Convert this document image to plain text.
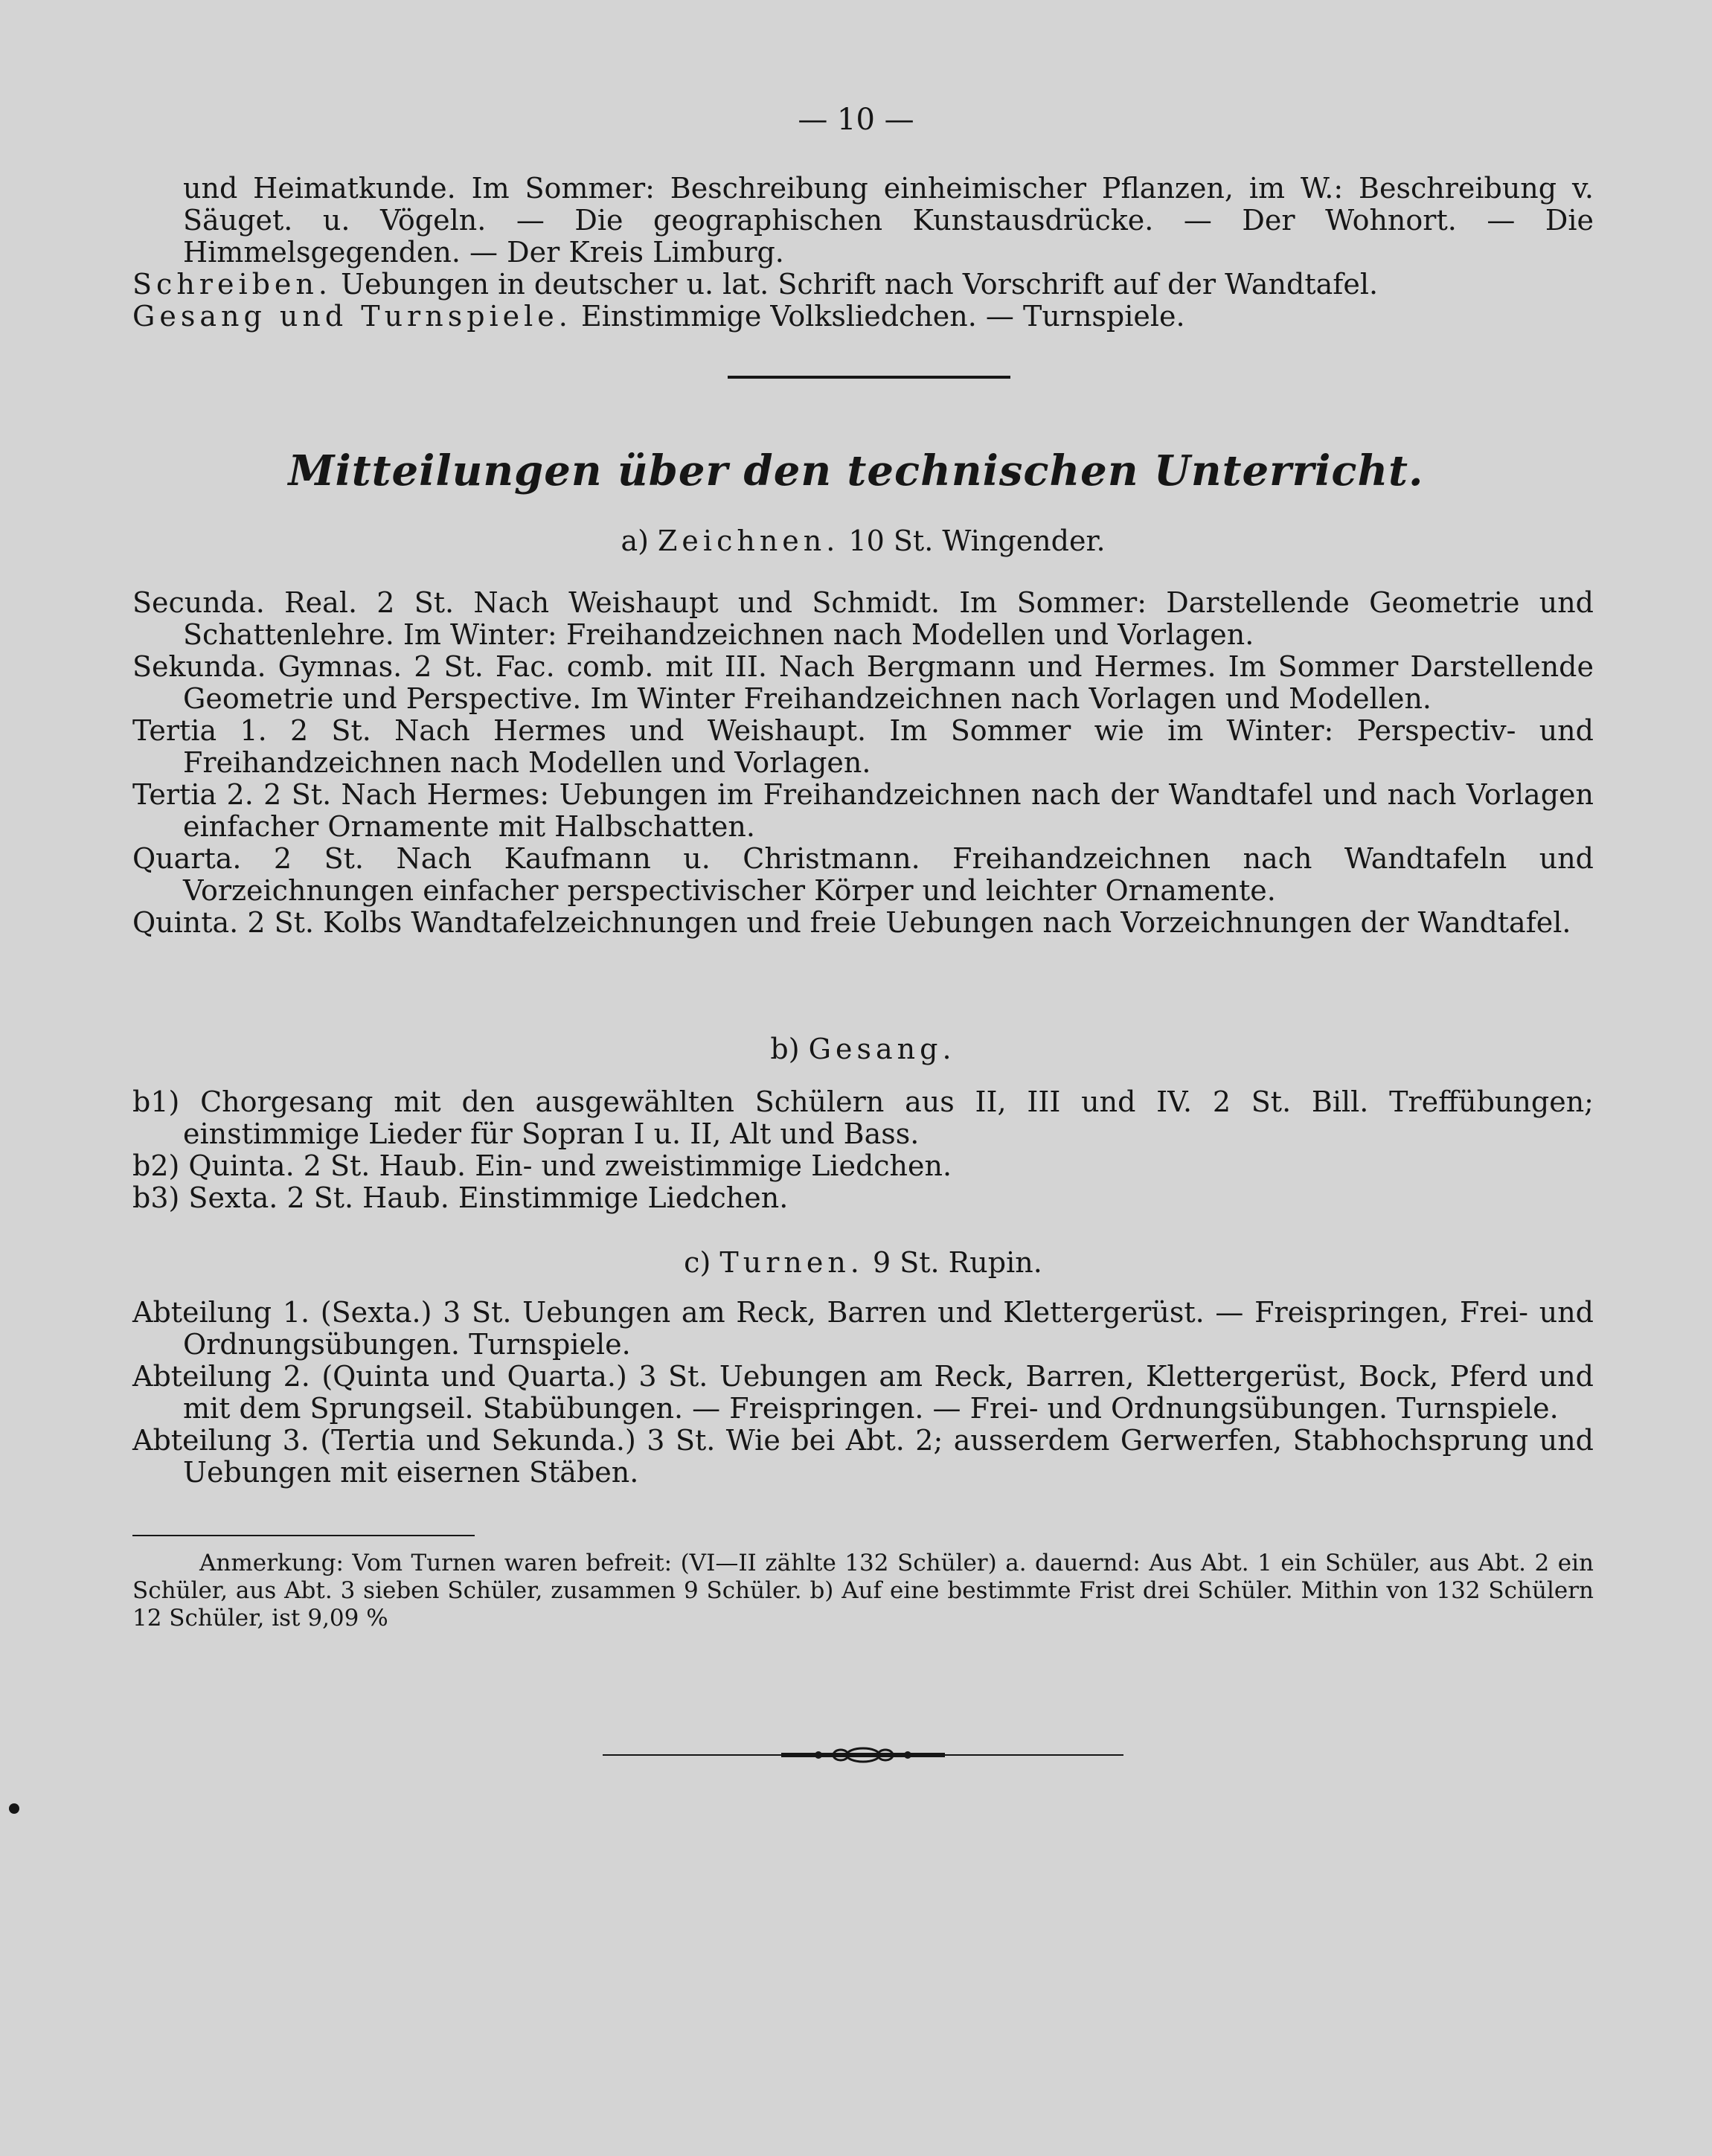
— 10 —

und Heimatkunde. Im Sommer: Beschreibung einheimischer Pflanzen, im W.: Beschreibung v. Säuget. u. Vögeln. — Die geographischen Kunstausdrücke. — Der Wohnort. — Die Himmelsgegenden. — Der Kreis Limburg.

Schreiben. Uebungen in deutscher u. lat. Schrift nach Vorschrift auf der Wandtafel.

Gesang und Turnspiele. Einstimmige Volksliedchen. — Turnspiele.

Mitteilungen über den technischen Unterricht.

a) Zeichnen. 10 St. Wingender.

Secunda. Real. 2 St. Nach Weishaupt und Schmidt. Im Sommer: Darstellende Geometrie und Schattenlehre. Im Winter: Freihandzeichnen nach Modellen und Vorlagen.

Sekunda. Gymnas. 2 St. Fac. comb. mit III. Nach Bergmann und Hermes. Im Sommer Darstellende Geometrie und Perspective. Im Winter Freihandzeichnen nach Vorlagen und Modellen.

Tertia 1. 2 St. Nach Hermes und Weishaupt. Im Sommer wie im Winter: Perspectiv- und Freihandzeichnen nach Modellen und Vorlagen.

Tertia 2. 2 St. Nach Hermes: Uebungen im Freihandzeichnen nach der Wandtafel und nach Vorlagen einfacher Ornamente mit Halbschatten.

Quarta. 2 St. Nach Kaufmann u. Christmann. Freihandzeichnen nach Wandtafeln und Vorzeichnungen einfacher perspectivischer Körper und leichter Ornamente.

Quinta. 2 St. Kolbs Wandtafelzeichnungen und freie Uebungen nach Vorzeichnungen der Wandtafel.

b) Gesang.

b1) Chorgesang mit den ausgewählten Schülern aus II, III und IV. 2 St. Bill. Treffübungen; einstimmige Lieder für Sopran I u. II, Alt und Bass.

b2) Quinta. 2 St. Haub. Ein- und zweistimmige Liedchen.

b3) Sexta. 2 St. Haub. Einstimmige Liedchen.

c) Turnen. 9 St. Rupin.

Abteilung 1. (Sexta.) 3 St. Uebungen am Reck, Barren und Klettergerüst. — Freispringen, Frei- und Ordnungsübungen. Turnspiele.

Abteilung 2. (Quinta und Quarta.) 3 St. Uebungen am Reck, Barren, Klettergerüst, Bock, Pferd und mit dem Sprungseil. Stabübungen. — Freispringen. — Frei- und Ordnungsübungen. Turnspiele.

Abteilung 3. (Tertia und Sekunda.) 3 St. Wie bei Abt. 2; ausserdem Gerwerfen, Stabhochsprung und Uebungen mit eisernen Stäben.

Anmerkung: Vom Turnen waren befreit: (VI—II zählte 132 Schüler) a. dauernd: Aus Abt. 1 ein Schüler, aus Abt. 2 ein Schüler, aus Abt. 3 sieben Schüler, zusammen 9 Schüler. b) Auf eine bestimmte Frist drei Schüler. Mithin von 132 Schülern 12 Schüler, ist 9,09 %
